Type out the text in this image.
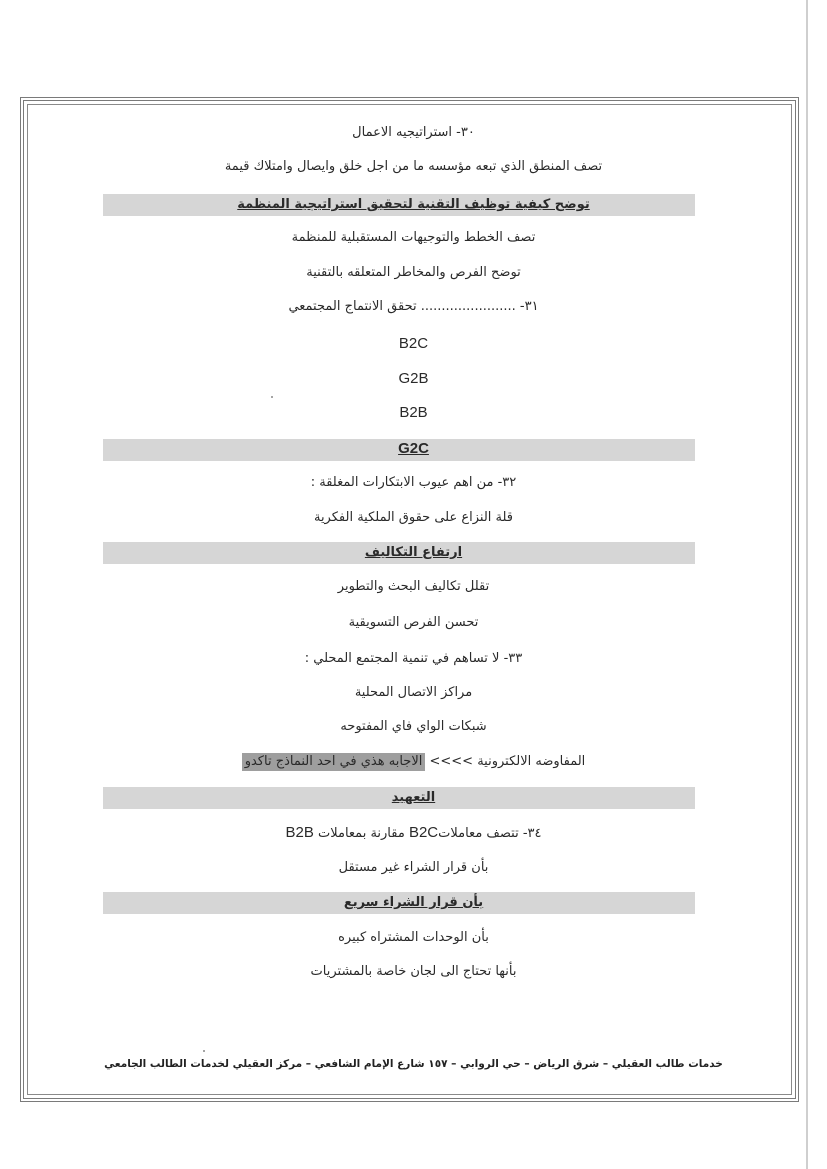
٣٠- استراتيجيه الاعمال
تصف المنطق الذي تبعه مؤسسه ما من اجل خلق وايصال وامتلاك قيمة
توضح كيفية توظيف التقنية لتحقيق استراتيجية المنظمة
تصف الخطط والتوجيهات المستقبلية للمنظمة
توضح الفرص والمخاطر المتعلقه بالتقنية
٣١- ....................... تحقق الانتماج المجتمعي
B2C
G2B
B2B
G2C
٣٢- من اهم عيوب الابتكارات المغلقة :
قلة النزاع على حقوق الملكية الفكرية
ارتفاع التكاليف
تقلل تكاليف البحث والتطوير
تحسن الفرص التسويقية
٣٣- لا تساهم في تنمية المجتمع المحلي :
مراكز الاتصال المحلية
شبكات الواي فاي المفتوحه
المفاوضه الالكترونية >>>> الاجابه هذي في احد النماذج تاكدو
التعهيد
٣٤- تتصف معاملاتB2C مقارنة بمعاملات B2B
بأن قرار الشراء غير مستقل
بأن قرار الشراء سريع
بأن الوحدات المشتراه كبيره
بأنها تحتاج الى لجان خاصة بالمشتريات
خدمات طالب العقيلي – شرق الرياض – حي الروابي – ١٥٧ شارع الإمام الشافعي – مركز العقيلي لخدمات الطالب الجامعي
